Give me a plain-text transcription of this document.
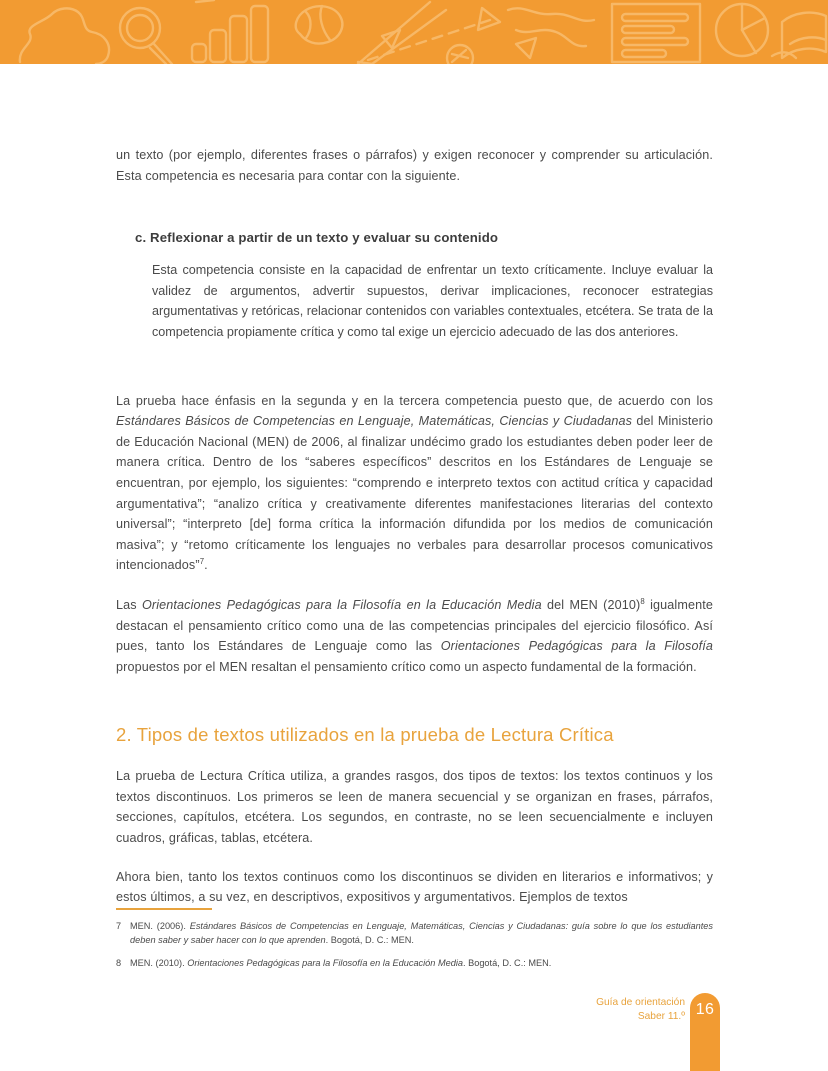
un texto (por ejemplo, diferentes frases o párrafos) y exigen reconocer y comprender su articulación. Esta competencia es necesaria para contar con la siguiente.

c. Reflexionar a partir de un texto y evaluar su contenido

Esta competencia consiste en la capacidad de enfrentar un texto críticamente. Incluye evaluar la validez de argumentos, advertir supuestos, derivar implicaciones, reconocer estrategias argumentativas y retóricas, relacionar contenidos con variables contextuales, etcétera. Se trata de la competencia propiamente crítica y como tal exige un ejercicio adecuado de las dos anteriores.

La prueba hace énfasis en la segunda y en la tercera competencia puesto que, de acuerdo con los Estándares Básicos de Competencias en Lenguaje, Matemáticas, Ciencias y Ciudadanas del Ministerio de Educación Nacional (MEN) de 2006, al finalizar undécimo grado los estudiantes deben poder leer de manera crítica. Dentro de los “saberes específicos” descritos en los Estándares de Lenguaje se encuentran, por ejemplo, los siguientes: “comprendo e interpreto textos con actitud crítica y capacidad argumentativa”; “analizo crítica y creativamente diferentes manifestaciones literarias del contexto universal”; “interpreto [de] forma crítica la información difundida por los medios de comunicación masiva”; y “retomo críticamente los lenguajes no verbales para desarrollar procesos comunicativos intencionados”$^7$.

Las Orientaciones Pedagógicas para la Filosofía en la Educación Media del MEN $(2010)^8$ igualmente destacan el pensamiento crítico como una de las competencias principales del ejercicio filosófico. Así pues, tanto los Estándares de Lenguaje como las Orientaciones Pedagógicas para la Filosofía propuestos por el MEN resaltan el pensamiento crítico como un aspecto fundamental de la formación.

2. Tipos de textos utilizados en la prueba de Lectura Crítica

La prueba de Lectura Crítica utiliza, a grandes rasgos, dos tipos de textos: los textos continuos y los textos discontinuos. Los primeros se leen de manera secuencial y se organizan en frases, párrafos, secciones, capítulos, etcétera. Los segundos, en contraste, no se leen secuencialmente e incluyen cuadros, gráficas, tablas, etcétera.

Ahora bien, tanto los textos continuos como los discontinuos se dividen en literarios e informativos; y estos últimos, a su vez, en descriptivos, expositivos y argumentativos. Ejemplos de textos

7 MEN. (2006). Estándares Básicos de Competencias en Lenguaje, Matemáticas, Ciencias y Ciudadanas: guía sobre lo que los estudiantes deben saber y saber hacer con lo que aprenden. Bogotá, D. C.: MEN.
8 MEN. (2010). Orientaciones Pedagógicas para la Filosofía en la Educación Media. Bogotá, D. C.: MEN.
Guía de orientación
Saber 11.º 16
